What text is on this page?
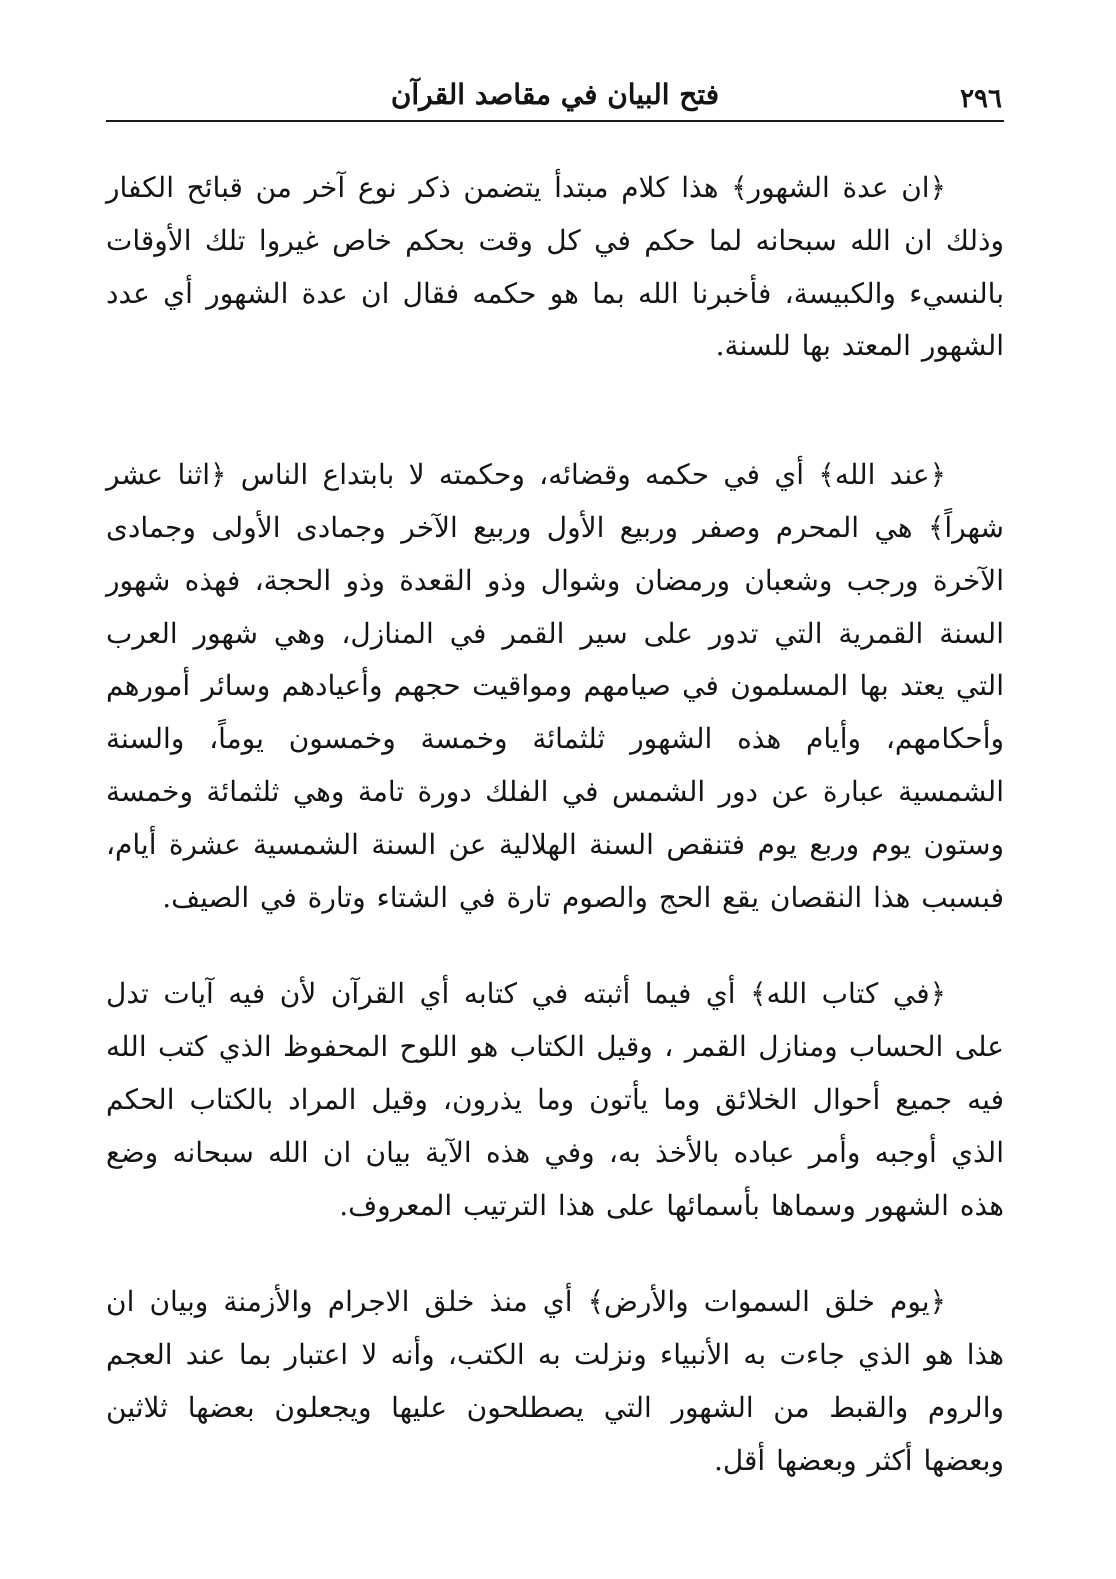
٢٩٦
فتح البيان في مقاصد القرآن

﴿ان عدة الشهور﴾ هذا كلام مبتدأ يتضمن ذكر نوع آخر من قبائح الكفار وذلك ان الله سبحانه لما حكم في كل وقت بحكم خاص غيروا تلك الأوقات بالنسيء والكبيسة، فأخبرنا الله بما هو حكمه فقال ان عدة الشهور أي عدد الشهور المعتد بها للسنة.

﴿عند الله﴾ أي في حكمه وقضائه، وحكمته لا بابتداع الناس ﴿اثنا عشر شهراً﴾ هي المحرم وصفر وربيع الأول وربيع الآخر وجمادى الأولى وجمادى الآخرة ورجب وشعبان ورمضان وشوال وذو القعدة وذو الحجة، فهذه شهور السنة القمرية التي تدور على سير القمر في المنازل، وهي شهور العرب التي يعتد بها المسلمون في صيامهم ومواقيت حجهم وأعيادهم وسائر أمورهم وأحكامهم، وأيام هذه الشهور ثلثمائة وخمسة وخمسون يوماً، والسنة الشمسية عبارة عن دور الشمس في الفلك دورة تامة وهي ثلثمائة وخمسة وستون يوم وربع يوم فتنقص السنة الهلالية عن السنة الشمسية عشرة أيام، فبسبب هذا النقصان يقع الحج والصوم تارة في الشتاء وتارة في الصيف.

﴿في كتاب الله﴾ أي فيما أثبته في كتابه أي القرآن لأن فيه آيات تدل على الحساب ومنازل القمر ، وقيل الكتاب هو اللوح المحفوظ الذي كتب الله فيه جميع أحوال الخلائق وما يأتون وما يذرون، وقيل المراد بالكتاب الحكم الذي أوجبه وأمر عباده بالأخذ به، وفي هذه الآية بيان ان الله سبحانه وضع هذه الشهور وسماها بأسمائها على هذا الترتيب المعروف.

﴿يوم خلق السموات والأرض﴾ أي منذ خلق الاجرام والأزمنة وبيان ان هذا هو الذي جاءت به الأنبياء ونزلت به الكتب، وأنه لا اعتبار بما عند العجم والروم والقبط من الشهور التي يصطلحون عليها ويجعلون بعضها ثلاثين وبعضها أكثر وبعضها أقل.
